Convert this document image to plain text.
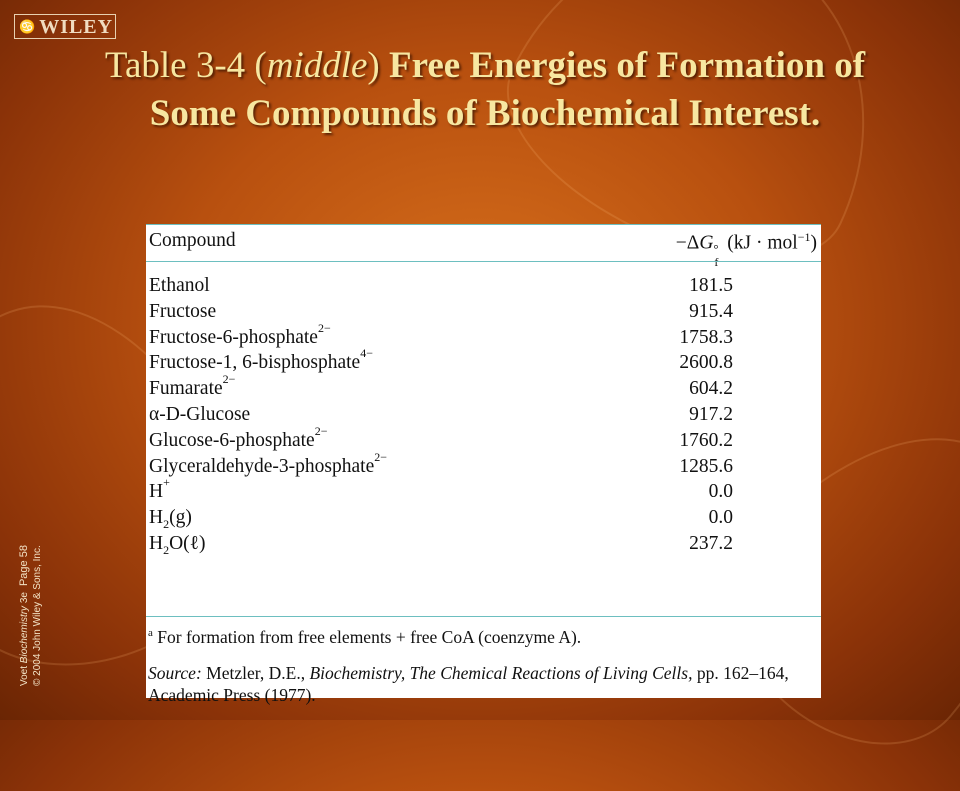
♋ WILEY
Table 3-4 (middle) Free Energies of Formation of Some Compounds of Biochemical Interest.
Voet Biochemistry 3ePage 58 © 2004 John Wiley & Sons, Inc.
Compound	−ΔG °
f
(kJ · mol$^{-1}$)
Ethanol	181.5
Fructose	915.4
Fructose-6-phosphate$^{2-}$	1758.3
Fructose-1, 6-bisphosphate$^{4-}$	2600.8
Fumarate$^{2-}$	604.2
α-D-Glucose	917.2
Glucose-6-phosphate$^{2-}$	1760.2
Glyceraldehyde-3-phosphate$^{2-}$	1285.6
H+	0.0
$H_2(g)$	0.0
$H_2O(\ell)$	237.2
$^a$ For formation from free elements + free CoA (coenzyme A).
Source: Metzler, D.E., Biochemistry, The Chemical Reactions of Living Cells, pp. 162–164, Academic Press (1977).
